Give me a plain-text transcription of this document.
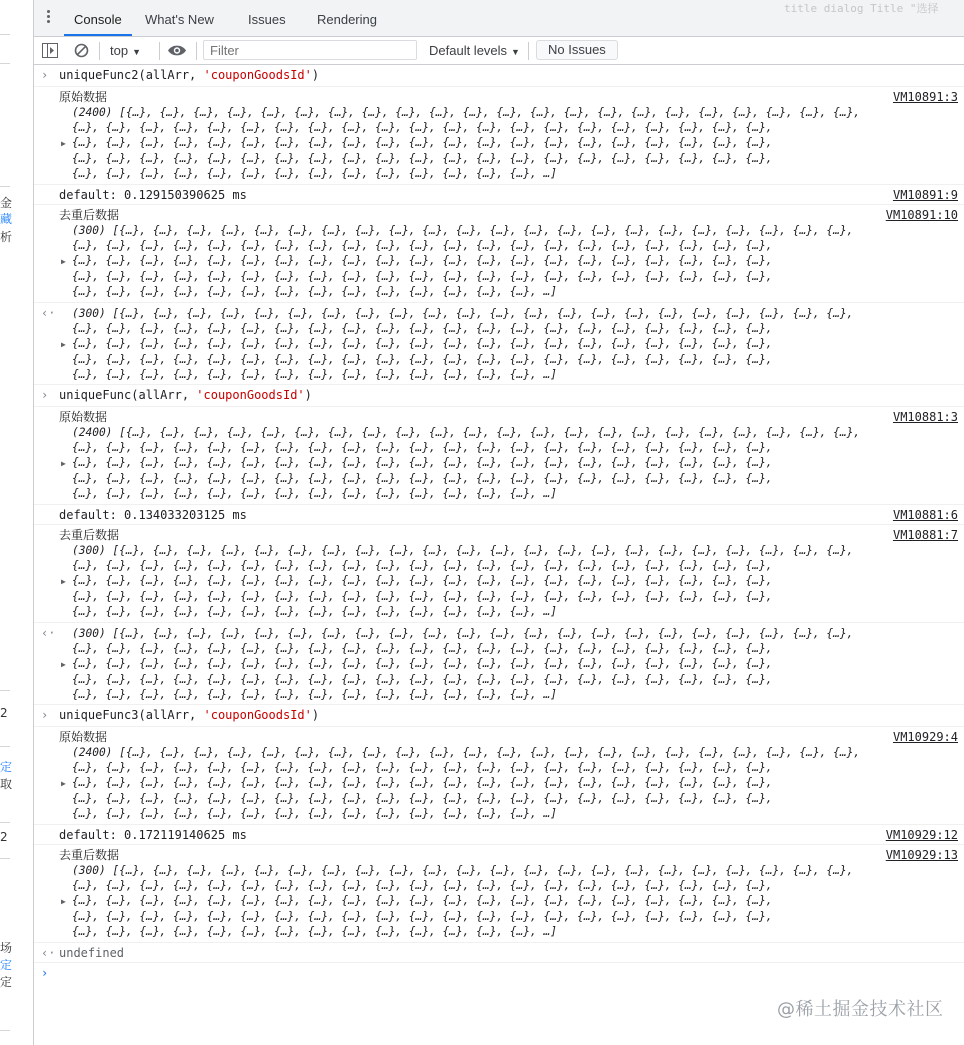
金
藏
析
2
定
取
2
场
定
定
Console What's New	Issues Rendering
title dialog Title "选择
top ▼
Filter	Default levels ▼	No Issues
› uniqueFunc2(allArr, 'couponGoodsId')
原始数据	VM10891:3
▶
(2400) [{…}, {…}, {…}, {…}, {…}, {…}, {…}, {…}, {…}, {…}, {…}, {…}, {…}, {…}, {…}, {…}, {…}, {…}, {…}, {…}, {…}, {…},
{…}, {…}, {…}, {…}, {…}, {…}, {…}, {…}, {…}, {…}, {…}, {…}, {…}, {…}, {…}, {…}, {…}, {…}, {…}, {…}, {…},
{…}, {…}, {…}, {…}, {…}, {…}, {…}, {…}, {…}, {…}, {…}, {…}, {…}, {…}, {…}, {…}, {…}, {…}, {…}, {…}, {…},
{…}, {…}, {…}, {…}, {…}, {…}, {…}, {…}, {…}, {…}, {…}, {…}, {…}, {…}, {…}, {…}, {…}, {…}, {…}, {…}, {…},
{…}, {…}, {…}, {…}, {…}, {…}, {…}, {…}, {…}, {…}, {…}, {…}, {…}, {…}, …]
default: 0.129150390625 ms	VM10891:9
去重后数据	VM10891:10
▶
(300) [{…}, {…}, {…}, {…}, {…}, {…}, {…}, {…}, {…}, {…}, {…}, {…}, {…}, {…}, {…}, {…}, {…}, {…}, {…}, {…}, {…}, {…},
{…}, {…}, {…}, {…}, {…}, {…}, {…}, {…}, {…}, {…}, {…}, {…}, {…}, {…}, {…}, {…}, {…}, {…}, {…}, {…}, {…},
{…}, {…}, {…}, {…}, {…}, {…}, {…}, {…}, {…}, {…}, {…}, {…}, {…}, {…}, {…}, {…}, {…}, {…}, {…}, {…}, {…},
{…}, {…}, {…}, {…}, {…}, {…}, {…}, {…}, {…}, {…}, {…}, {…}, {…}, {…}, {…}, {…}, {…}, {…}, {…}, {…}, {…},
{…}, {…}, {…}, {…}, {…}, {…}, {…}, {…}, {…}, {…}, {…}, {…}, {…}, {…}, …]
‹·
▶
(300) [{…}, {…}, {…}, {…}, {…}, {…}, {…}, {…}, {…}, {…}, {…}, {…}, {…}, {…}, {…}, {…}, {…}, {…}, {…}, {…}, {…}, {…},
{…}, {…}, {…}, {…}, {…}, {…}, {…}, {…}, {…}, {…}, {…}, {…}, {…}, {…}, {…}, {…}, {…}, {…}, {…}, {…}, {…},
{…}, {…}, {…}, {…}, {…}, {…}, {…}, {…}, {…}, {…}, {…}, {…}, {…}, {…}, {…}, {…}, {…}, {…}, {…}, {…}, {…},
{…}, {…}, {…}, {…}, {…}, {…}, {…}, {…}, {…}, {…}, {…}, {…}, {…}, {…}, {…}, {…}, {…}, {…}, {…}, {…}, {…},
{…}, {…}, {…}, {…}, {…}, {…}, {…}, {…}, {…}, {…}, {…}, {…}, {…}, {…}, …]
› uniqueFunc(allArr, 'couponGoodsId')
原始数据	VM10881:3
▶
(2400) [{…}, {…}, {…}, {…}, {…}, {…}, {…}, {…}, {…}, {…}, {…}, {…}, {…}, {…}, {…}, {…}, {…}, {…}, {…}, {…}, {…}, {…},
{…}, {…}, {…}, {…}, {…}, {…}, {…}, {…}, {…}, {…}, {…}, {…}, {…}, {…}, {…}, {…}, {…}, {…}, {…}, {…}, {…},
{…}, {…}, {…}, {…}, {…}, {…}, {…}, {…}, {…}, {…}, {…}, {…}, {…}, {…}, {…}, {…}, {…}, {…}, {…}, {…}, {…},
{…}, {…}, {…}, {…}, {…}, {…}, {…}, {…}, {…}, {…}, {…}, {…}, {…}, {…}, {…}, {…}, {…}, {…}, {…}, {…}, {…},
{…}, {…}, {…}, {…}, {…}, {…}, {…}, {…}, {…}, {…}, {…}, {…}, {…}, {…}, …]
default: 0.134033203125 ms	VM10881:6
去重后数据	VM10881:7
▶
(300) [{…}, {…}, {…}, {…}, {…}, {…}, {…}, {…}, {…}, {…}, {…}, {…}, {…}, {…}, {…}, {…}, {…}, {…}, {…}, {…}, {…}, {…},
{…}, {…}, {…}, {…}, {…}, {…}, {…}, {…}, {…}, {…}, {…}, {…}, {…}, {…}, {…}, {…}, {…}, {…}, {…}, {…}, {…},
{…}, {…}, {…}, {…}, {…}, {…}, {…}, {…}, {…}, {…}, {…}, {…}, {…}, {…}, {…}, {…}, {…}, {…}, {…}, {…}, {…},
{…}, {…}, {…}, {…}, {…}, {…}, {…}, {…}, {…}, {…}, {…}, {…}, {…}, {…}, {…}, {…}, {…}, {…}, {…}, {…}, {…},
{…}, {…}, {…}, {…}, {…}, {…}, {…}, {…}, {…}, {…}, {…}, {…}, {…}, {…}, …]
‹·
▶
(300) [{…}, {…}, {…}, {…}, {…}, {…}, {…}, {…}, {…}, {…}, {…}, {…}, {…}, {…}, {…}, {…}, {…}, {…}, {…}, {…}, {…}, {…},
{…}, {…}, {…}, {…}, {…}, {…}, {…}, {…}, {…}, {…}, {…}, {…}, {…}, {…}, {…}, {…}, {…}, {…}, {…}, {…}, {…},
{…}, {…}, {…}, {…}, {…}, {…}, {…}, {…}, {…}, {…}, {…}, {…}, {…}, {…}, {…}, {…}, {…}, {…}, {…}, {…}, {…},
{…}, {…}, {…}, {…}, {…}, {…}, {…}, {…}, {…}, {…}, {…}, {…}, {…}, {…}, {…}, {…}, {…}, {…}, {…}, {…}, {…},
{…}, {…}, {…}, {…}, {…}, {…}, {…}, {…}, {…}, {…}, {…}, {…}, {…}, {…}, …]
› uniqueFunc3(allArr, 'couponGoodsId')
原始数据	VM10929:4
▶
(2400) [{…}, {…}, {…}, {…}, {…}, {…}, {…}, {…}, {…}, {…}, {…}, {…}, {…}, {…}, {…}, {…}, {…}, {…}, {…}, {…}, {…}, {…},
{…}, {…}, {…}, {…}, {…}, {…}, {…}, {…}, {…}, {…}, {…}, {…}, {…}, {…}, {…}, {…}, {…}, {…}, {…}, {…}, {…},
{…}, {…}, {…}, {…}, {…}, {…}, {…}, {…}, {…}, {…}, {…}, {…}, {…}, {…}, {…}, {…}, {…}, {…}, {…}, {…}, {…},
{…}, {…}, {…}, {…}, {…}, {…}, {…}, {…}, {…}, {…}, {…}, {…}, {…}, {…}, {…}, {…}, {…}, {…}, {…}, {…}, {…},
{…}, {…}, {…}, {…}, {…}, {…}, {…}, {…}, {…}, {…}, {…}, {…}, {…}, {…}, …]
default: 0.172119140625 ms	VM10929:12
去重后数据	VM10929:13
▶
(300) [{…}, {…}, {…}, {…}, {…}, {…}, {…}, {…}, {…}, {…}, {…}, {…}, {…}, {…}, {…}, {…}, {…}, {…}, {…}, {…}, {…}, {…},
{…}, {…}, {…}, {…}, {…}, {…}, {…}, {…}, {…}, {…}, {…}, {…}, {…}, {…}, {…}, {…}, {…}, {…}, {…}, {…}, {…},
{…}, {…}, {…}, {…}, {…}, {…}, {…}, {…}, {…}, {…}, {…}, {…}, {…}, {…}, {…}, {…}, {…}, {…}, {…}, {…}, {…},
{…}, {…}, {…}, {…}, {…}, {…}, {…}, {…}, {…}, {…}, {…}, {…}, {…}, {…}, {…}, {…}, {…}, {…}, {…}, {…}, {…},
{…}, {…}, {…}, {…}, {…}, {…}, {…}, {…}, {…}, {…}, {…}, {…}, {…}, {…}, …]
‹· undefined
›
@稀土掘金技术社区
